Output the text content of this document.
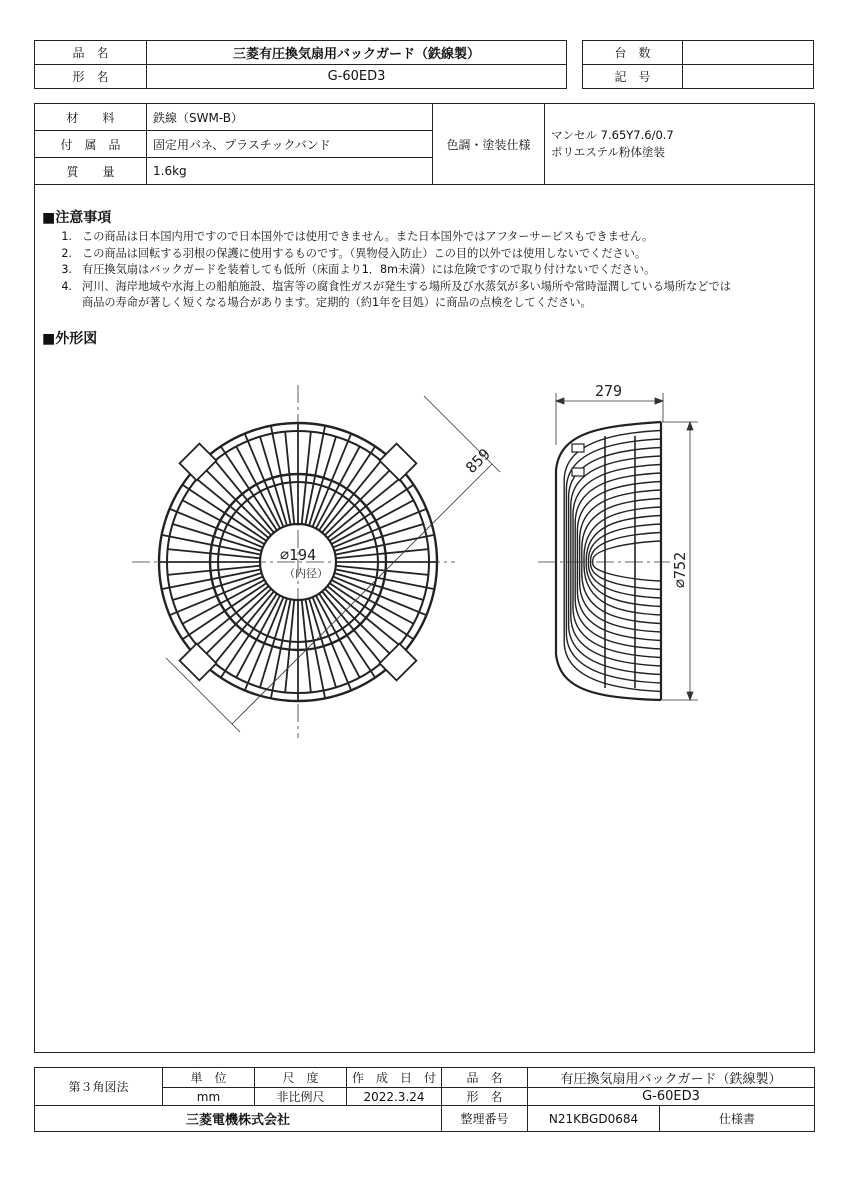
品　名	三菱有圧換気扇用バックガード（鉄線製）		台　数	
形　名	G-60ED3		記　号	
材　　料	鉄線（SWM-B）	色調・塗装仕様	マンセル 7.65Y7.6/0.7
ポリエステル粉体塗装

付　属　品	固定用バネ、プラスチックバンド		
質　　量	1.6kg		
■注意事項
1. この商品は日本国内用ですので日本国外では使用できません。また日本国外ではアフターサービスもできません。
2. この商品は回転する羽根の保護に使用するものです。（異物侵入防止）この目的以外では使用しないでください。
3. 有圧換気扇はバックガードを装着しても低所（床面より1．8m未満）には危険ですので取り付けないでください。
4. 河川、海岸地域や水海上の船舶施設、塩害等の腐食性ガスが発生する場所及び水蒸気が多い場所や常時湿潤している場所などでは
商品の寿命が著しく短くなる場合があります。定期的（約1年を目処）に商品の点検をしてください。
■外形図
859
∅194
（内径）
279
∅752
第３角図法	単　位	尺　度	作　成　日　付	品　名	有圧換気扇用バックガード（鉄線製）	
	mm	非比例尺	2022.3.24	形　名	G-60ED3	
三菱電機株式会社				整理番号	N21KBGD0684	仕様書
